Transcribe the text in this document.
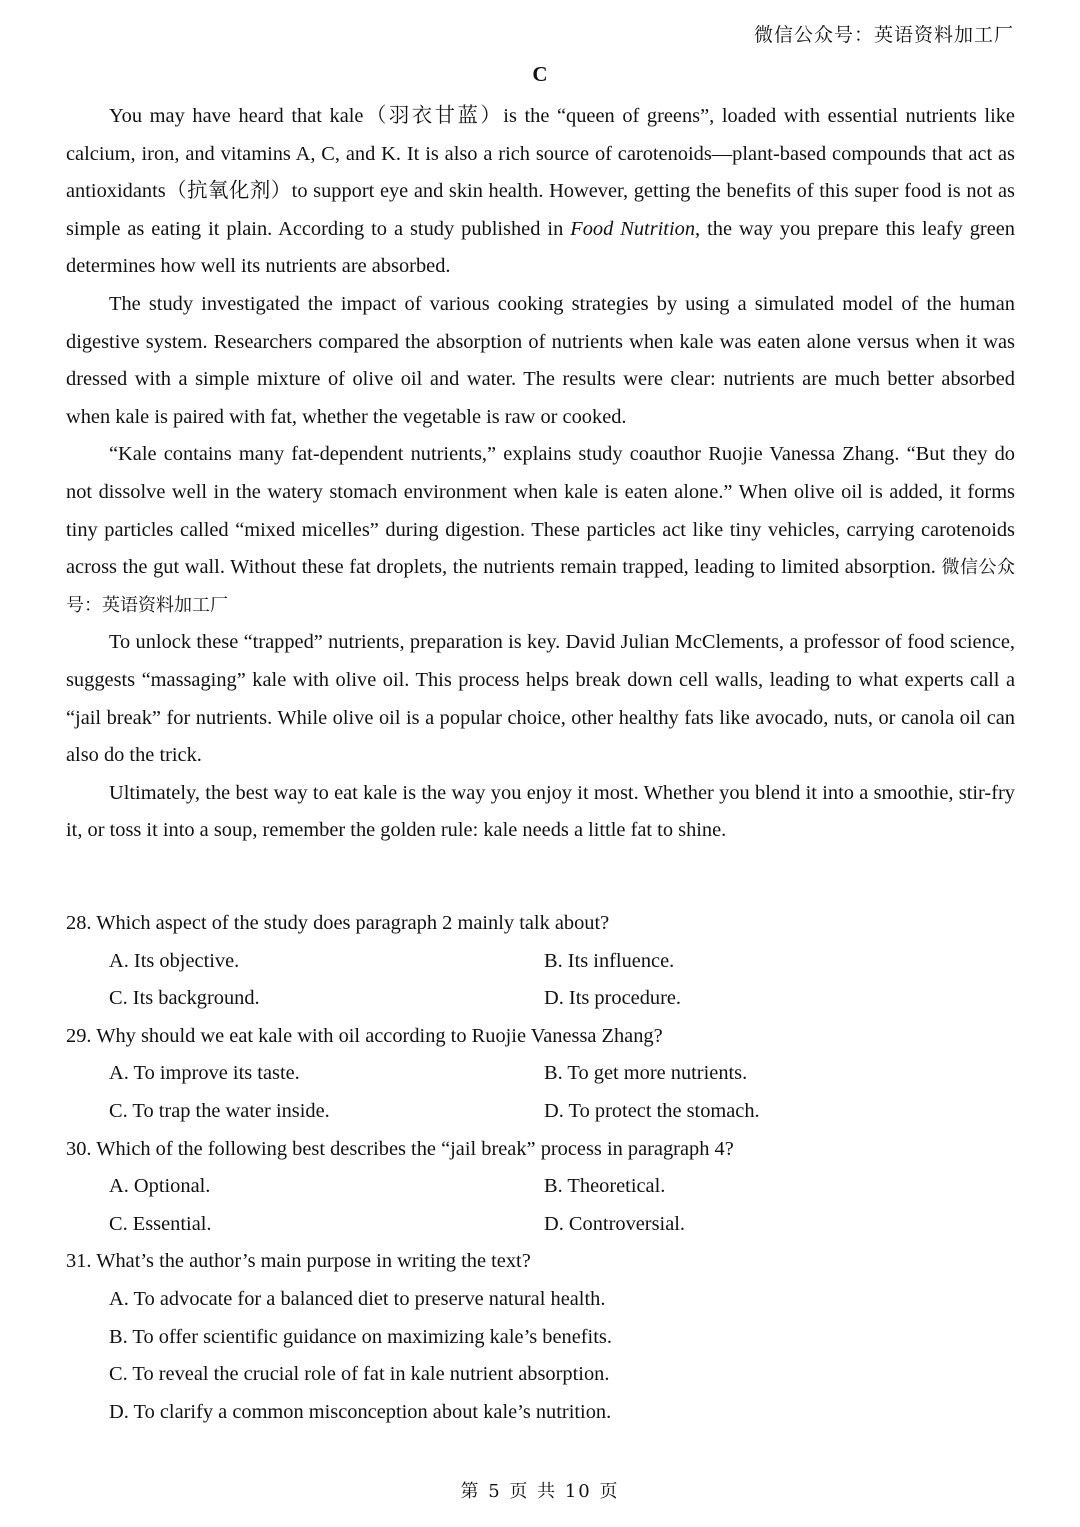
微信公众号：英语资料加工厂
C

You may have heard that kale（羽衣甘蓝）is the “queen of greens”, loaded with essential nutrients like calcium, iron, and vitamins A, C, and K. It is also a rich source of carotenoids—plant-based compounds that act as antioxidants（抗氧化剂）to support eye and skin health. However, getting the benefits of this super food is not as simple as eating it plain. According to a study published in Food Nutrition, the way you prepare this leafy green determines how well its nutrients are absorbed.

The study investigated the impact of various cooking strategies by using a simulated model of the human digestive system. Researchers compared the absorption of nutrients when kale was eaten alone versus when it was dressed with a simple mixture of olive oil and water. The results were clear: nutrients are much better absorbed when kale is paired with fat, whether the vegetable is raw or cooked.

“Kale contains many fat-dependent nutrients,” explains study coauthor Ruojie Vanessa Zhang. “But they do not dissolve well in the watery stomach environment when kale is eaten alone.” When olive oil is added, it forms tiny particles called “mixed micelles” during digestion. These particles act like tiny vehicles, carrying carotenoids across the gut wall. Without these fat droplets, the nutrients remain trapped, leading to limited absorption. 微信公众号：英语资料加工厂

To unlock these “trapped” nutrients, preparation is key. David Julian McClements, a professor of food science, suggests “massaging” kale with olive oil. This process helps break down cell walls, leading to what experts call a “jail break” for nutrients. While olive oil is a popular choice, other healthy fats like avocado, nuts, or canola oil can also do the trick.

Ultimately, the best way to eat kale is the way you enjoy it most. Whether you blend it into a smoothie, stir-fry it, or toss it into a soup, remember the golden rule: kale needs a little fat to shine.

28. Which aspect of the study does paragraph 2 mainly talk about?

A. Its objective.	B. Its influence.
C. Its background.	D. Its procedure.

29. Why should we eat kale with oil according to Ruojie Vanessa Zhang?

A. To improve its taste.	B. To get more nutrients.
C. To trap the water inside.	D. To protect the stomach.

30. Which of the following best describes the “jail break” process in paragraph 4?

A. Optional.	B. Theoretical.
C. Essential.	D. Controversial.

31. What’s the author’s main purpose in writing the text?

A. To advocate for a balanced diet to preserve natural health.
B. To offer scientific guidance on maximizing kale’s benefits.
C. To reveal the crucial role of fat in kale nutrient absorption.
D. To clarify a common misconception about kale’s nutrition.
第 5 页 共 10 页
